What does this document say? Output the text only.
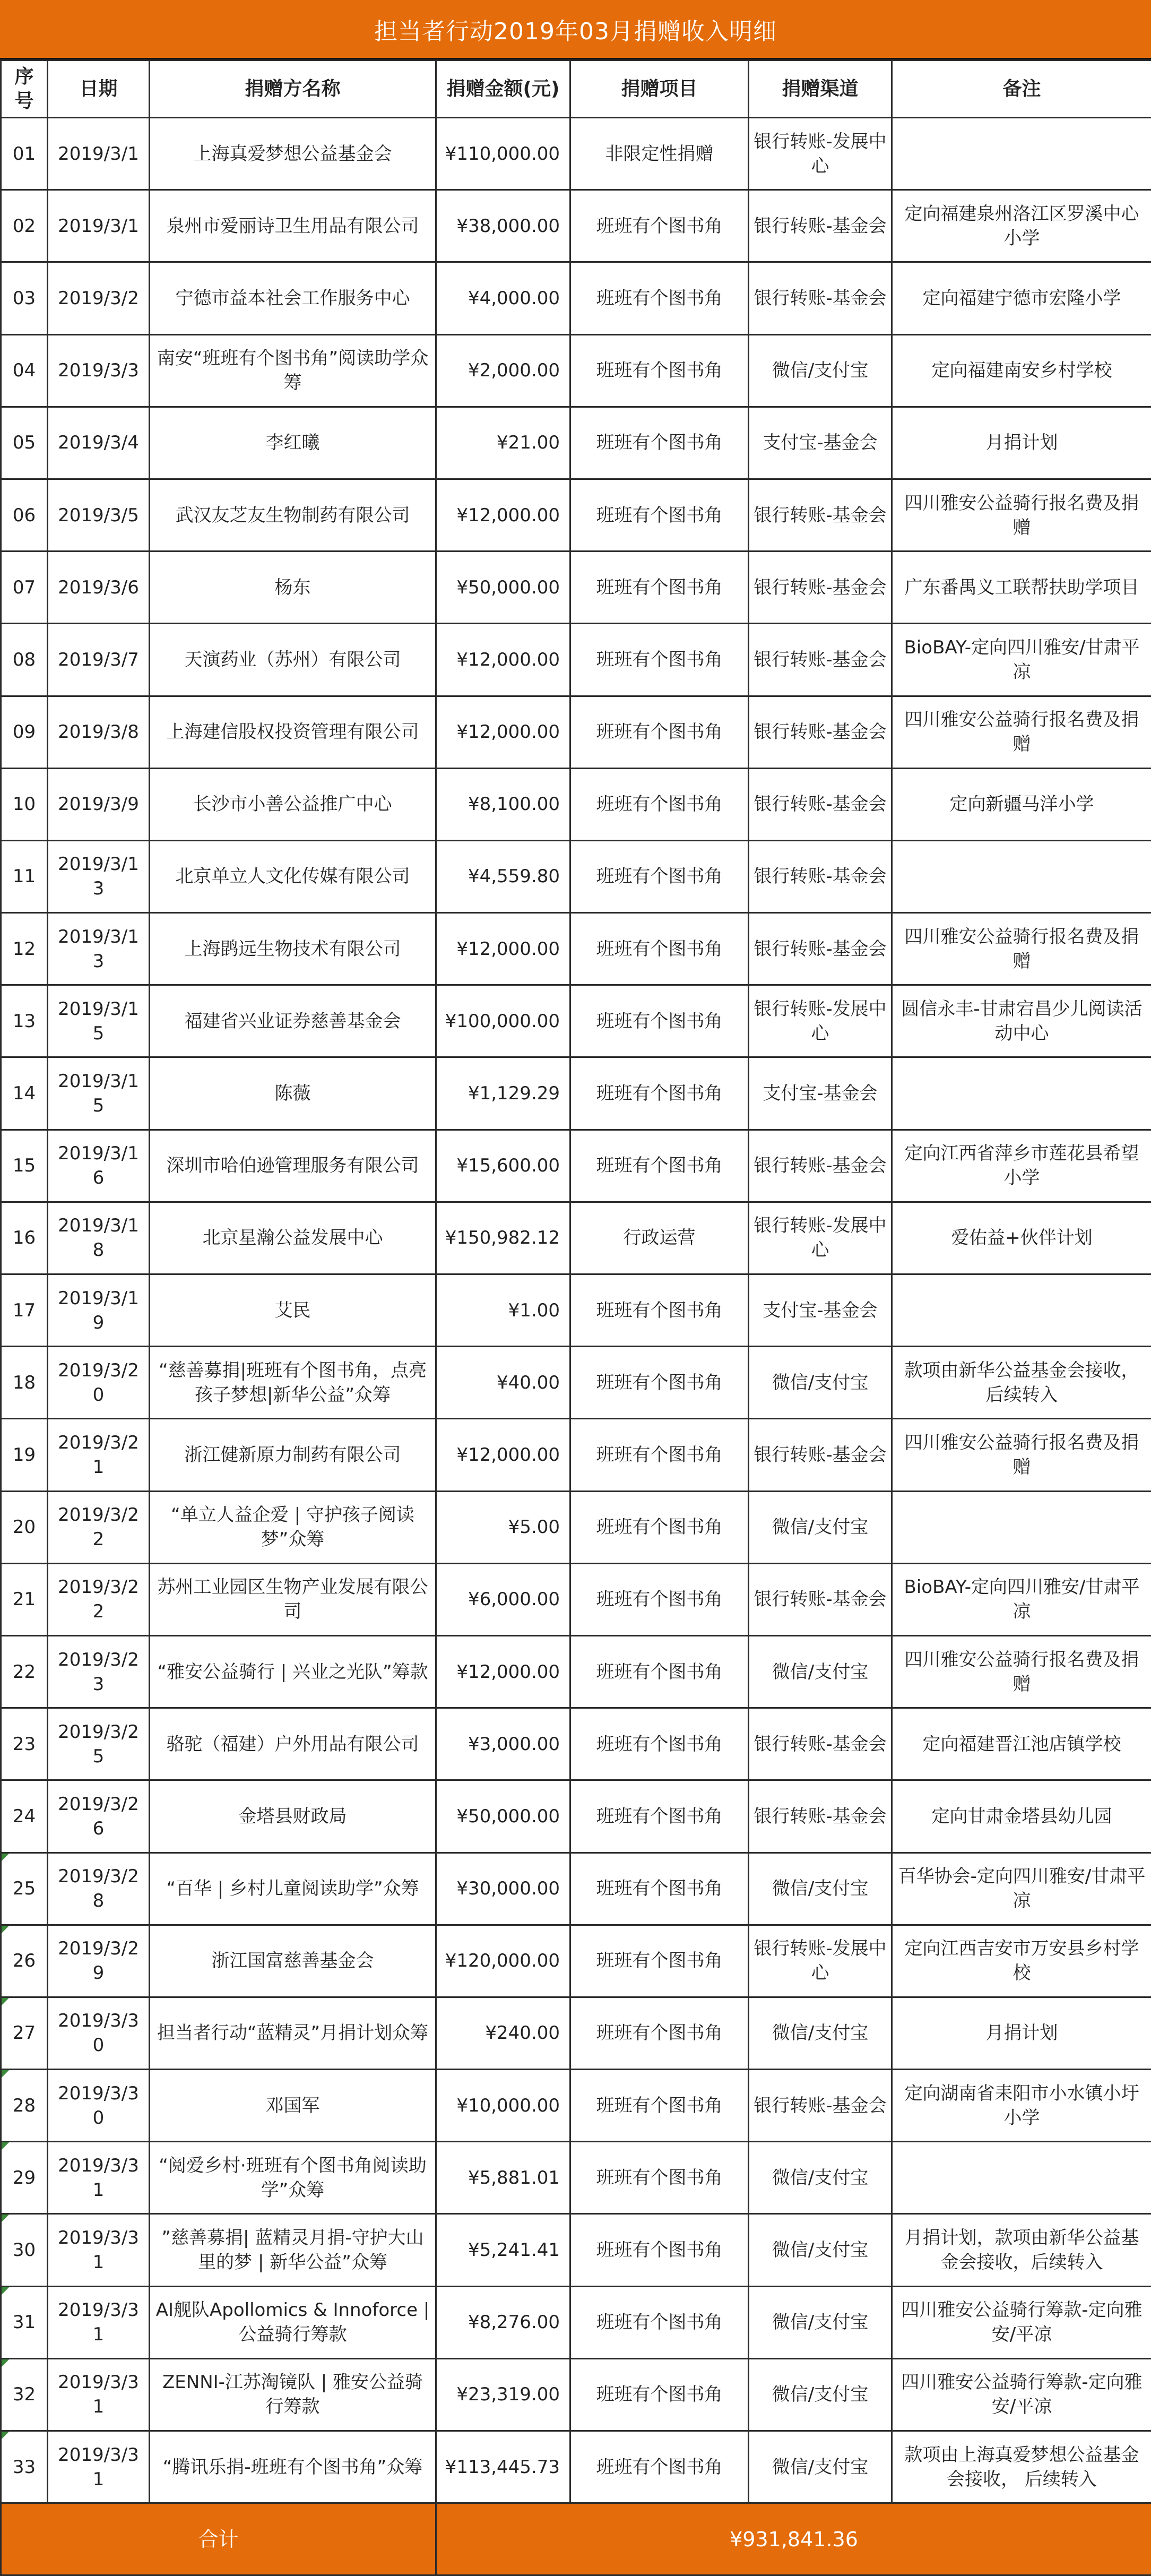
担当者行动2019年03月捐赠收入明细
序号	日期	捐赠方名称	捐赠金额(元)	捐赠项目	捐赠渠道	备注
01	2019/3/1	上海真爱梦想公益基金会	¥110,000.00	非限定性捐赠	银行转账-发展中心	
02	2019/3/1	泉州市爱丽诗卫生用品有限公司	¥38,000.00	班班有个图书角	银行转账-基金会	定向福建泉州洛江区罗溪中心小学
03	2019/3/2	宁德市益本社会工作服务中心	¥4,000.00	班班有个图书角	银行转账-基金会	定向福建宁德市宏隆小学
04	2019/3/3	南安“班班有个图书角”阅读助学众筹	¥2,000.00	班班有个图书角	微信/支付宝	定向福建南安乡村学校
05	2019/3/4	李红曦	¥21.00	班班有个图书角	支付宝-基金会	月捐计划
06	2019/3/5	武汉友芝友生物制药有限公司	¥12,000.00	班班有个图书角	银行转账-基金会	四川雅安公益骑行报名费及捐赠
07	2019/3/6	杨东	¥50,000.00	班班有个图书角	银行转账-基金会	广东番禺义工联帮扶助学项目
08	2019/3/7	天演药业（苏州）有限公司	¥12,000.00	班班有个图书角	银行转账-基金会	BioBAY-定向四川雅安/甘肃平凉
09	2019/3/8	上海建信股权投资管理有限公司	¥12,000.00	班班有个图书角	银行转账-基金会	四川雅安公益骑行报名费及捐赠
10	2019/3/9	长沙市小善公益推广中心	¥8,100.00	班班有个图书角	银行转账-基金会	定向新疆马洋小学
11	2019/3/13	北京单立人文化传媒有限公司	¥4,559.80	班班有个图书角	银行转账-基金会	
12	2019/3/13	上海鹍远生物技术有限公司	¥12,000.00	班班有个图书角	银行转账-基金会	四川雅安公益骑行报名费及捐赠
13	2019/3/15	福建省兴业证券慈善基金会	¥100,000.00	班班有个图书角	银行转账-发展中心	圆信永丰-甘肃宕昌少儿阅读活动中心
14	2019/3/15	陈薇	¥1,129.29	班班有个图书角	支付宝-基金会	
15	2019/3/16	深圳市哈伯逊管理服务有限公司	¥15,600.00	班班有个图书角	银行转账-基金会	定向江西省萍乡市莲花县希望小学
16	2019/3/18	北京星瀚公益发展中心	¥150,982.12	行政运营	银行转账-发展中心	爱佑益+伙伴计划
17	2019/3/19	艾民	¥1.00	班班有个图书角	支付宝-基金会	
18	2019/3/20	“慈善募捐|班班有个图书角，点亮孩子梦想|新华公益”众筹	¥40.00	班班有个图书角	微信/支付宝	款项由新华公益基金会接收，后续转入
19	2019/3/21	浙江健新原力制药有限公司	¥12,000.00	班班有个图书角	银行转账-基金会	四川雅安公益骑行报名费及捐赠
20	2019/3/22	“单立人益企爱 | 守护孩子阅读梦”众筹	¥5.00	班班有个图书角	微信/支付宝	
21	2019/3/22	苏州工业园区生物产业发展有限公司	¥6,000.00	班班有个图书角	银行转账-基金会	BioBAY-定向四川雅安/甘肃平凉
22	2019/3/23	“雅安公益骑行 | 兴业之光队”筹款	¥12,000.00	班班有个图书角	微信/支付宝	四川雅安公益骑行报名费及捐赠
23	2019/3/25	骆驼（福建）户外用品有限公司	¥3,000.00	班班有个图书角	银行转账-基金会	定向福建晋江池店镇学校
24	2019/3/26	金塔县财政局	¥50,000.00	班班有个图书角	银行转账-基金会	定向甘肃金塔县幼儿园
25	2019/3/28	“百华 | 乡村儿童阅读助学”众筹	¥30,000.00	班班有个图书角	微信/支付宝	百华协会-定向四川雅安/甘肃平凉
26	2019/3/29	浙江国富慈善基金会	¥120,000.00	班班有个图书角	银行转账-发展中心	定向江西吉安市万安县乡村学校
27	2019/3/30	担当者行动“蓝精灵”月捐计划众筹	¥240.00	班班有个图书角	微信/支付宝	月捐计划
28	2019/3/30	邓国军	¥10,000.00	班班有个图书角	银行转账-基金会	定向湖南省耒阳市小水镇小圩小学
29	2019/3/31	“阅爱乡村·班班有个图书角阅读助学”众筹	¥5,881.01	班班有个图书角	微信/支付宝	
30	2019/3/31	”慈善募捐| 蓝精灵月捐-守护大山里的梦 | 新华公益”众筹	¥5,241.41	班班有个图书角	微信/支付宝	月捐计划，款项由新华公益基金会接收，后续转入
31	2019/3/31	AI舰队Apollomics & Innoforce | 公益骑行筹款	¥8,276.00	班班有个图书角	微信/支付宝	四川雅安公益骑行筹款-定向雅安/平凉
32	2019/3/31	ZENNI-江苏淘镜队 | 雅安公益骑行筹款	¥23,319.00	班班有个图书角	微信/支付宝	四川雅安公益骑行筹款-定向雅安/平凉
33	2019/3/31	“腾讯乐捐-班班有个图书角”众筹	¥113,445.73	班班有个图书角	微信/支付宝	款项由上海真爱梦想公益基金会接收， 后续转入
合计			¥931,841.36			
